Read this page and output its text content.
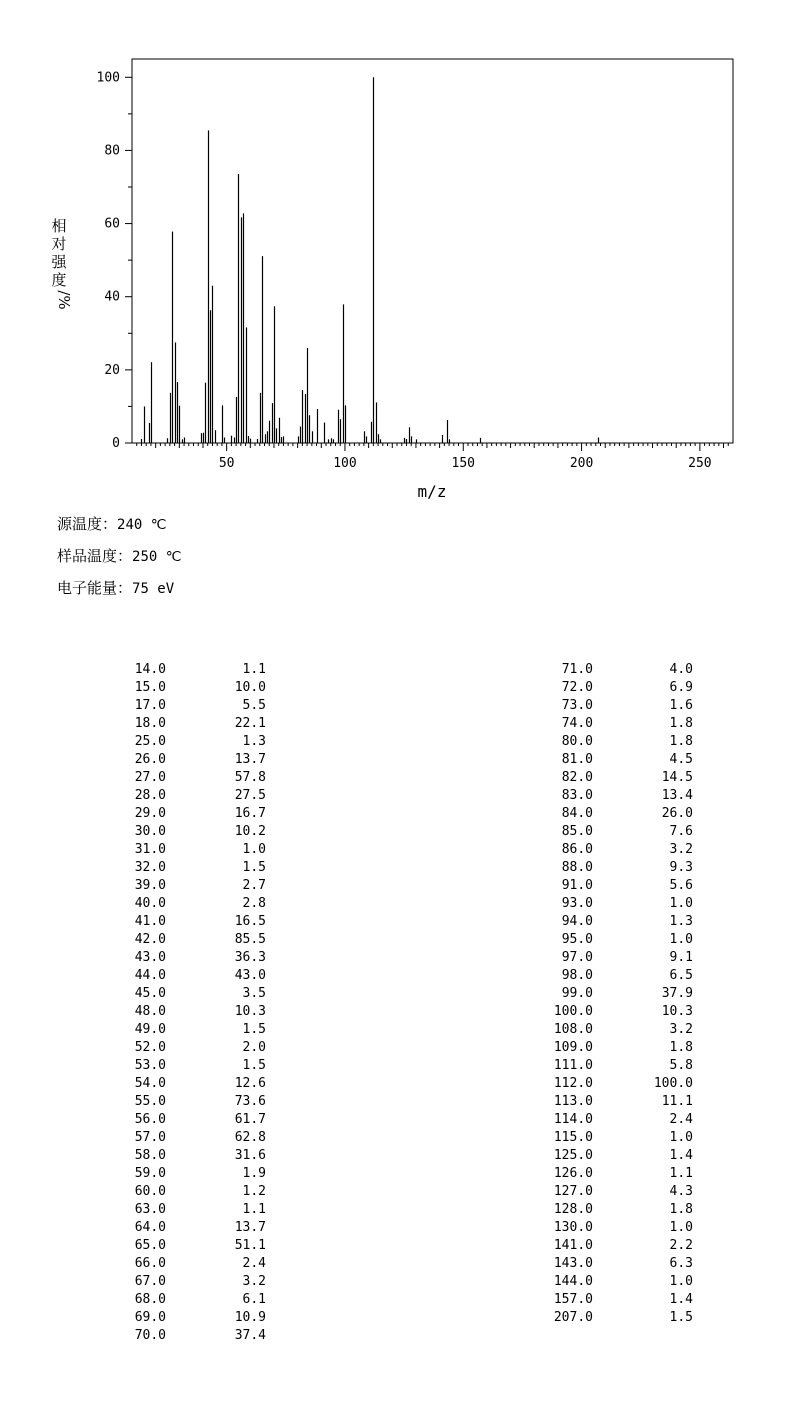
0
20
40
60
80
100
50	100	150	200	250
m/z
相
对
强
度
/%
源温度：240 ℃
样品温度：250 ℃
电子能量：75 eV
14.0	1.1
15.0	10.0
17.0	5.5
18.0	22.1
25.0	1.3
26.0	13.7
27.0	57.8
28.0	27.5
29.0	16.7
30.0	10.2
31.0	1.0
32.0	1.5
39.0	2.7
40.0	2.8
41.0	16.5
42.0	85.5
43.0	36.3
44.0	43.0
45.0	3.5
48.0	10.3
49.0	1.5
52.0	2.0
53.0	1.5
54.0	12.6
55.0	73.6
56.0	61.7
57.0	62.8
58.0	31.6
59.0	1.9
60.0	1.2
63.0	1.1
64.0	13.7
65.0	51.1
66.0	2.4
67.0	3.2
68.0	6.1
69.0	10.9
70.0	37.4
71.0	4.0
72.0	6.9
73.0	1.6
74.0	1.8
80.0	1.8
81.0	4.5
82.0	14.5
83.0	13.4
84.0	26.0
85.0	7.6
86.0	3.2
88.0	9.3
91.0	5.6
93.0	1.0
94.0	1.3
95.0	1.0
97.0	9.1
98.0	6.5
99.0	37.9
100.0	10.3
108.0	3.2
109.0	1.8
111.0	5.8
112.0	100.0
113.0	11.1
114.0	2.4
115.0	1.0
125.0	1.4
126.0	1.1
127.0	4.3
128.0	1.8
130.0	1.0
141.0	2.2
143.0	6.3
144.0	1.0
157.0	1.4
207.0	1.5
